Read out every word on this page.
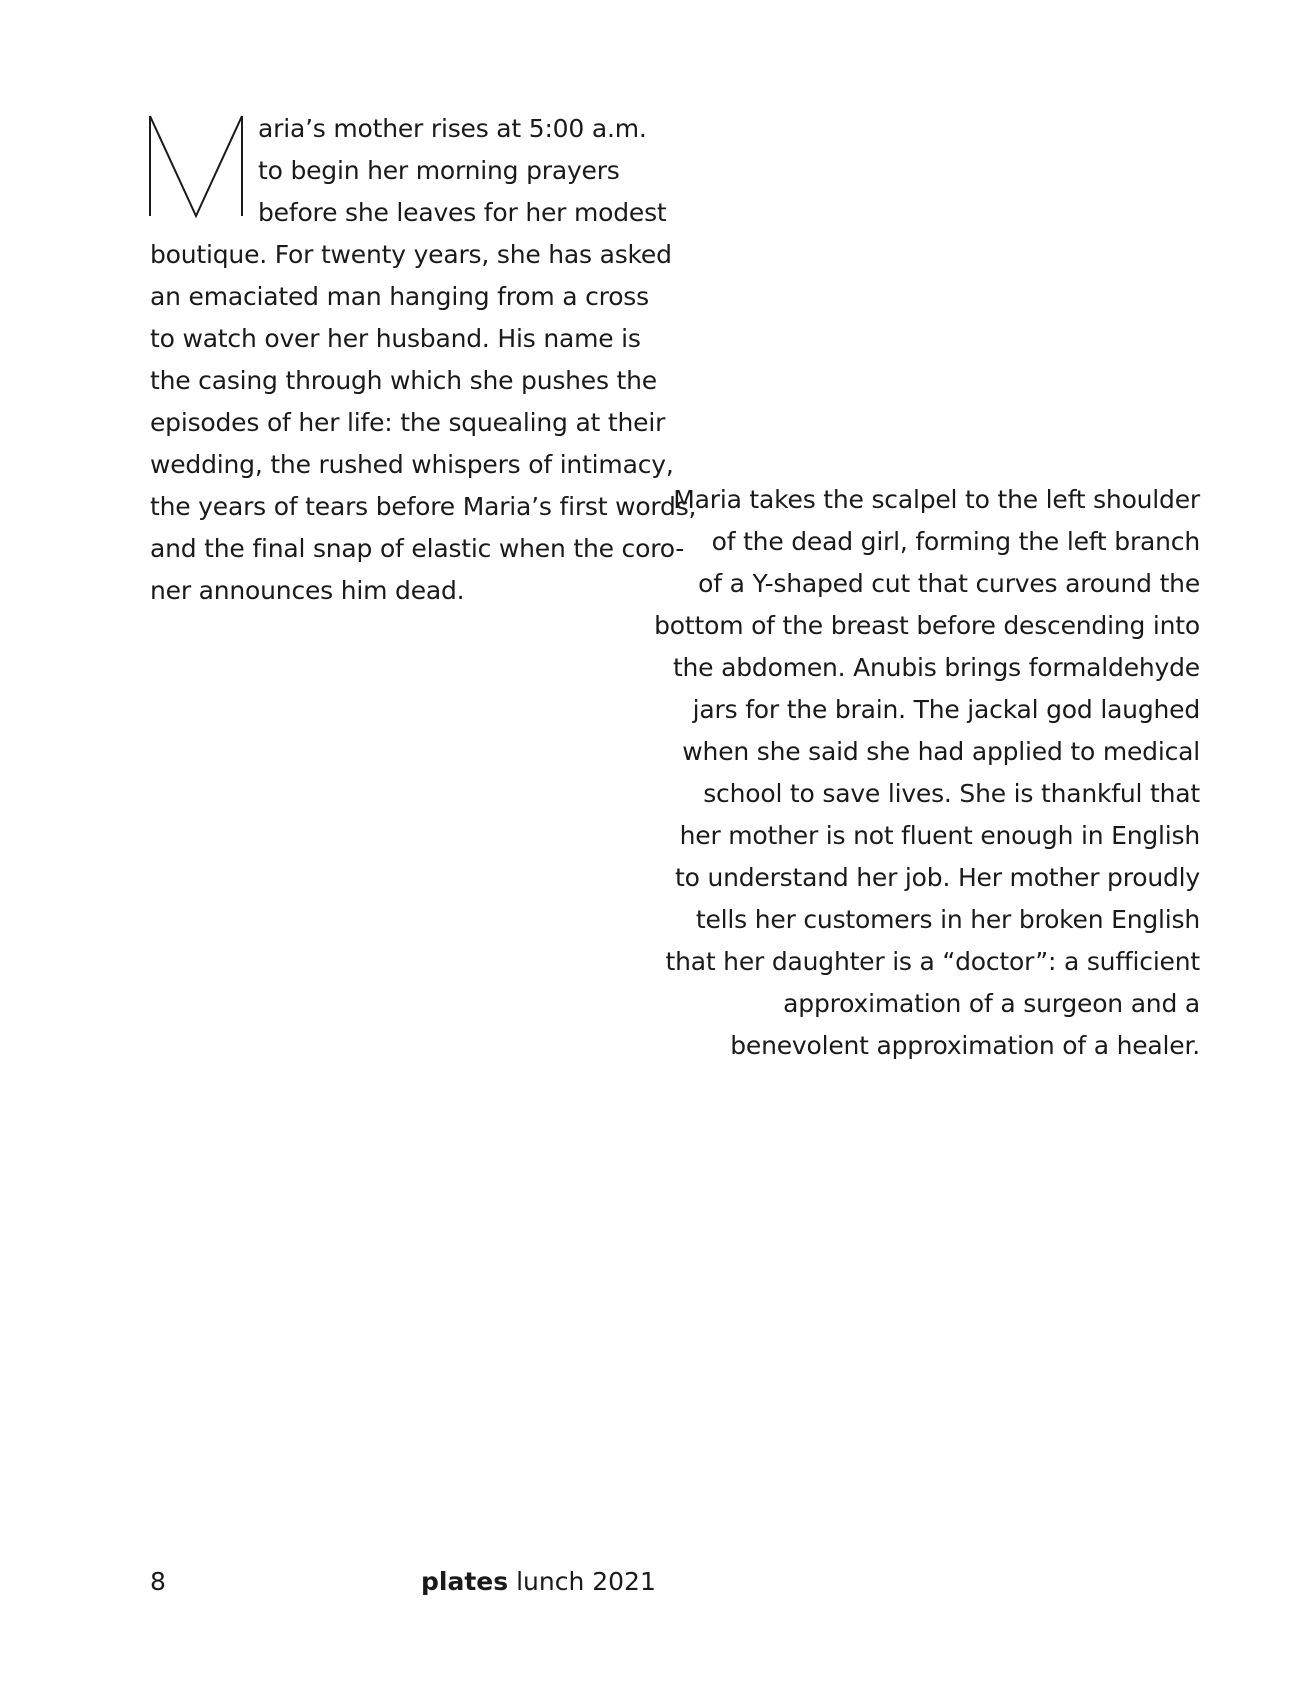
aria’s mother rises at 5:00 a.m.
to begin her morning prayers
before she leaves for her modest
boutique. For twenty years, she has asked
an emaciated man hanging from a cross
to watch over her husband. His name is
the casing through which she pushes the
episodes of her life: the squealing at their
wedding, the rushed whispers of intimacy,
the years of tears before Maria’s first words,
and the final snap of elastic when the coro-
ner announces him dead.
Maria takes the scalpel to the left shoulder
of the dead girl, forming the left branch
of a Y-shaped cut that curves around the
bottom of the breast before descending into
the abdomen. Anubis brings formaldehyde
jars for the brain. The jackal god laughed
when she said she had applied to medical
school to save lives. She is thankful that
her mother is not fluent enough in English
to understand her job. Her mother proudly
tells her customers in her broken English
that her daughter is a “doctor”: a sufficient
approximation of a surgeon and a
benevolent approximation of a healer.
8	plates lunch 2021
